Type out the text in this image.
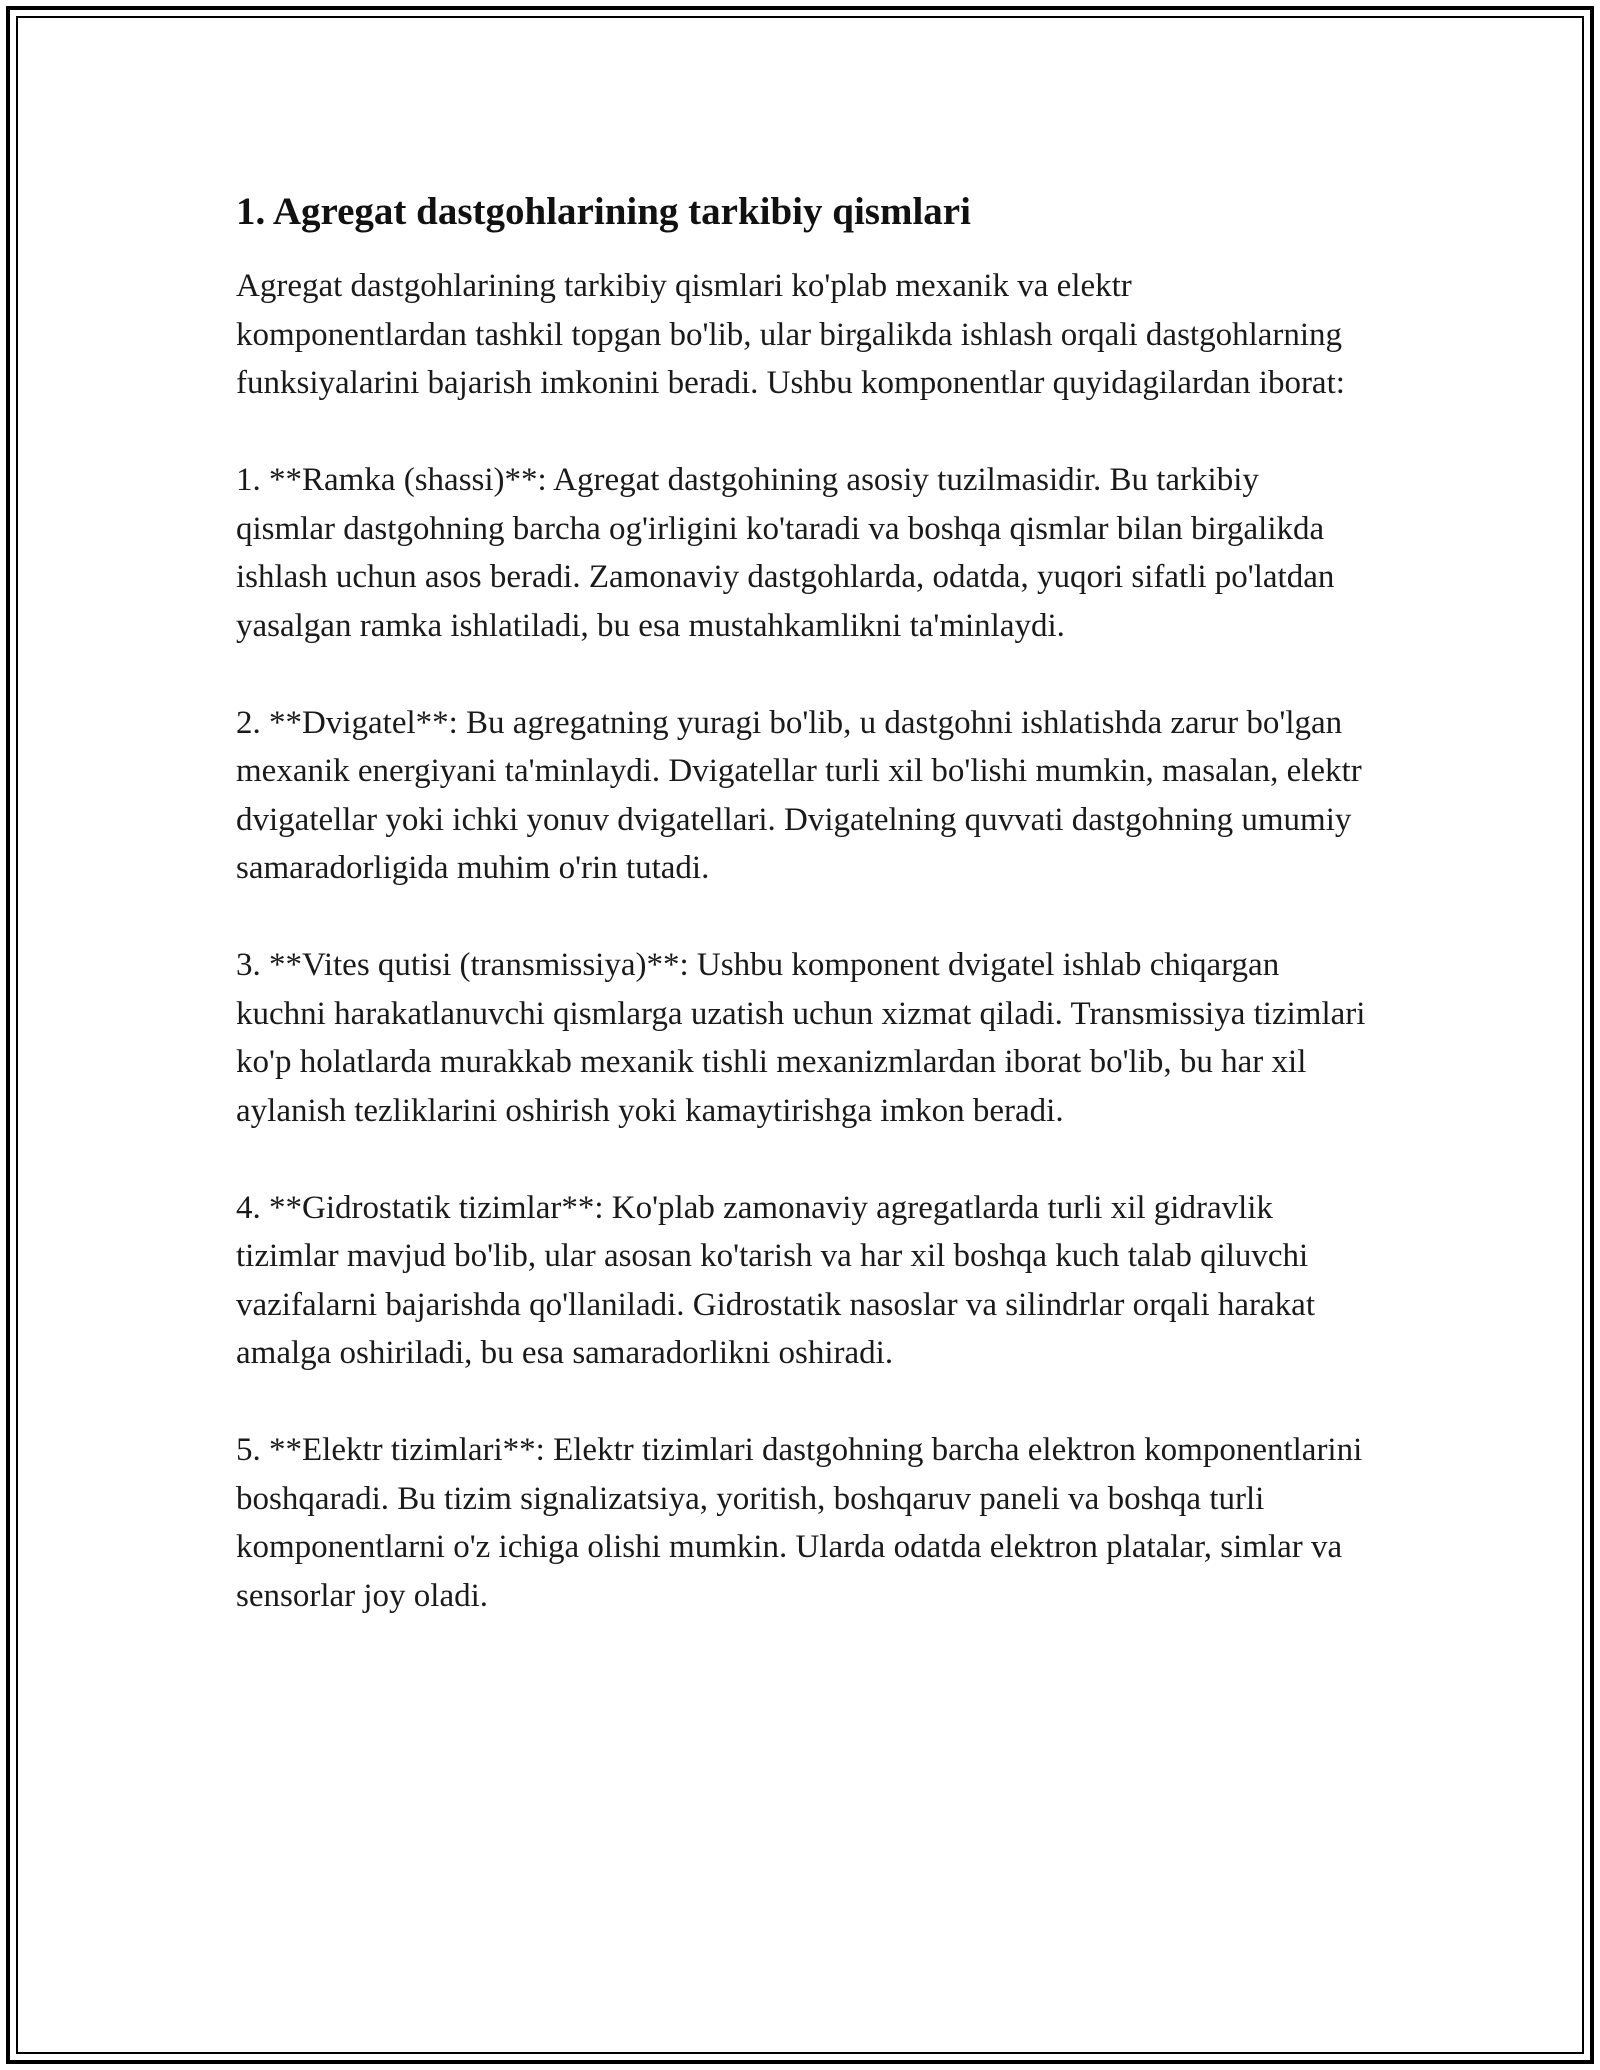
1. Agregat dastgohlarining tarkibiy qismlari

Agregat dastgohlarining tarkibiy qismlari ko'plab mexanik va elektr komponentlardan tashkil topgan bo'lib, ular birgalikda ishlash orqali dastgohlarning funksiyalarini bajarish imkonini beradi. Ushbu komponentlar quyidagilardan iborat:

1. **Ramka (shassi)**: Agregat dastgohining asosiy tuzilmasidir. Bu tarkibiy qismlar dastgohning barcha og'irligini ko'taradi va boshqa qismlar bilan birgalikda ishlash uchun asos beradi. Zamonaviy dastgohlarda, odatda, yuqori sifatli po'latdan yasalgan ramka ishlatiladi, bu esa mustahkamlikni ta'minlaydi.

2. **Dvigatel**: Bu agregatning yuragi bo'lib, u dastgohni ishlatishda zarur bo'lgan mexanik energiyani ta'minlaydi. Dvigatellar turli xil bo'lishi mumkin, masalan, elektr dvigatellar yoki ichki yonuv dvigatellari. Dvigatelning quvvati dastgohning umumiy samaradorligida muhim o'rin tutadi.

3. **Vites qutisi (transmissiya)**: Ushbu komponent dvigatel ishlab chiqargan kuchni harakatlanuvchi qismlarga uzatish uchun xizmat qiladi. Transmissiya tizimlari ko'p holatlarda murakkab mexanik tishli mexanizmlardan iborat bo'lib, bu har xil aylanish tezliklarini oshirish yoki kamaytirishga imkon beradi.

4. **Gidrostatik tizimlar**: Ko'plab zamonaviy agregatlarda turli xil gidravlik tizimlar mavjud bo'lib, ular asosan ko'tarish va har xil boshqa kuch talab qiluvchi vazifalarni bajarishda qo'llaniladi. Gidrostatik nasoslar va silindrlar orqali harakat amalga oshiriladi, bu esa samaradorlikni oshiradi.

5. **Elektr tizimlari**: Elektr tizimlari dastgohning barcha elektron komponentlarini boshqaradi. Bu tizim signalizatsiya, yoritish, boshqaruv paneli va boshqa turli komponentlarni o'z ichiga olishi mumkin. Ularda odatda elektron platalar, simlar va sensorlar joy oladi.
